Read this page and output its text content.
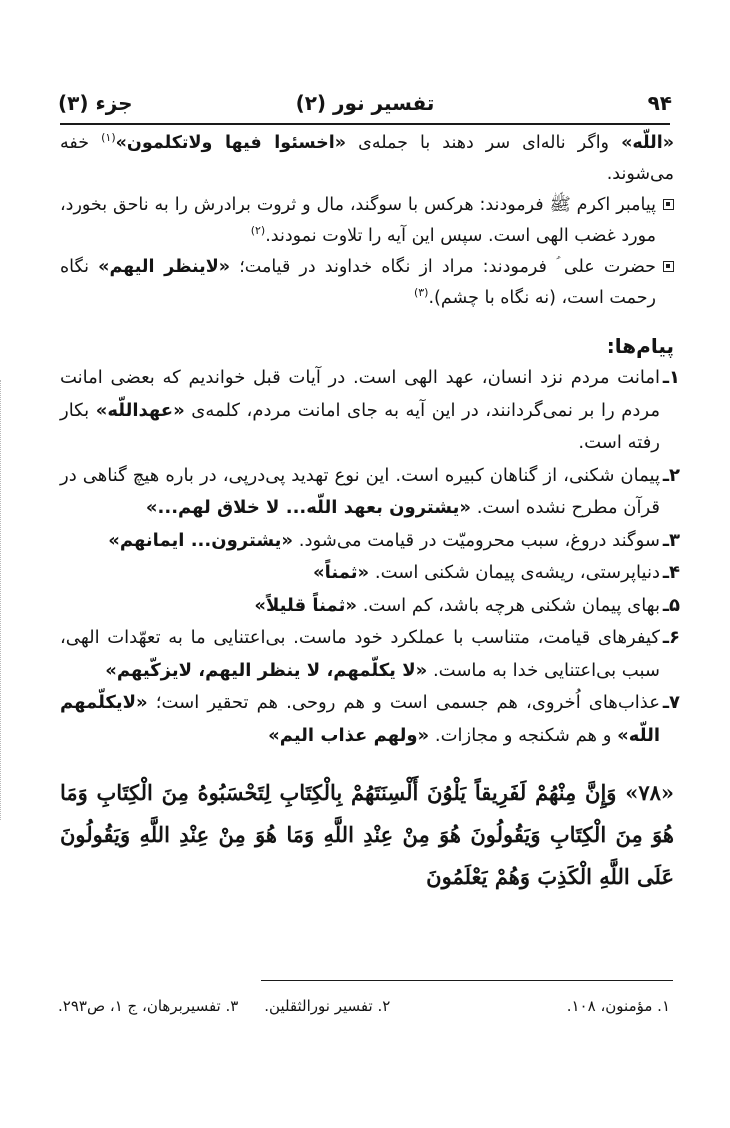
۹۴
تفسیر نور (۲)
جزء (۳)

«اللّه» واگر ناله‌ای سر دهند با جمله‌ی «اخسئوا فیها ولاتکلمون»$^{(۱)}$ خفه می‌شوند.

پیامبر اکرم ﷺ فرمودند: هرکس با سوگند، مال و ثروت برادرش را به ناحق بخورد، مورد غضب الهی است. سپس این آیه را تلاوت نمودند.$^{(۲)}$

حضرت علی ؑ فرمودند: مراد از نگاه خداوند در قیامت؛ «لاینظر الیهم» نگاه رحمت است، (نه نگاه با چشم).$^{(۳)}$

پیام‌ها:

۱ـ
امانت مردم نزد انسان، عهد الهی است. در آیات قبل خواندیم که بعضی امانت مردم را بر نمی‌گردانند، در این آیه به جای امانت مردم، کلمه‌ی «عهداللّه» بکار رفته است.

۲ـ
پیمان شکنی، از گناهان کبیره است. این نوع تهدید پی‌درپی، در باره هیچ گناهی در قرآن مطرح نشده است. «یشترون بعهد اللّه... لا خلاق لهم...»

۳ـ
سوگند دروغ، سبب محرومیّت در قیامت می‌شود. «یشترون... ایمانهم»

۴ـ
دنیاپرستی، ریشه‌ی پیمان شکنی است. «ثمناً»

۵ـ
بهای پیمان شکنی هرچه باشد، کم است. «ثمناً قلیلاً»

۶ـ
کیفرهای قیامت، متناسب با عملکرد خود ماست. بی‌اعتنایی ما به تعهّدات الهی، سبب بی‌اعتنایی خدا به ماست. «لا یکلّمهم، لا ینظر الیهم، لایزکّیهم»

۷ـ
عذاب‌های اُخروی، هم جسمی است و هم روحی. هم تحقیر است؛ «لایکلّمهم اللّه» و هم شکنجه و مجازات. «ولهم عذاب الیم»

«۷۸» وَإِنَّ مِنْهُمْ لَفَرِيقاً يَلْوُنَ أَلْسِنَتَهُمْ بِالْكِتَابِ لِتَحْسَبُوهُ مِنَ الْكِتَابِ وَمَا هُوَ مِنَ الْكِتَابِ وَيَقُولُونَ هُوَ مِنْ عِنْدِ اللَّهِ وَمَا هُوَ مِنْ عِنْدِ اللَّهِ وَيَقُولُونَ عَلَى اللَّهِ الْكَذِبَ وَهُمْ يَعْلَمُونَ

۱. مؤمنون، ۱۰۸.
۲. تفسیر نورالثقلین.
۳. تفسیربرهان، ج ۱، ص۲۹۳.
